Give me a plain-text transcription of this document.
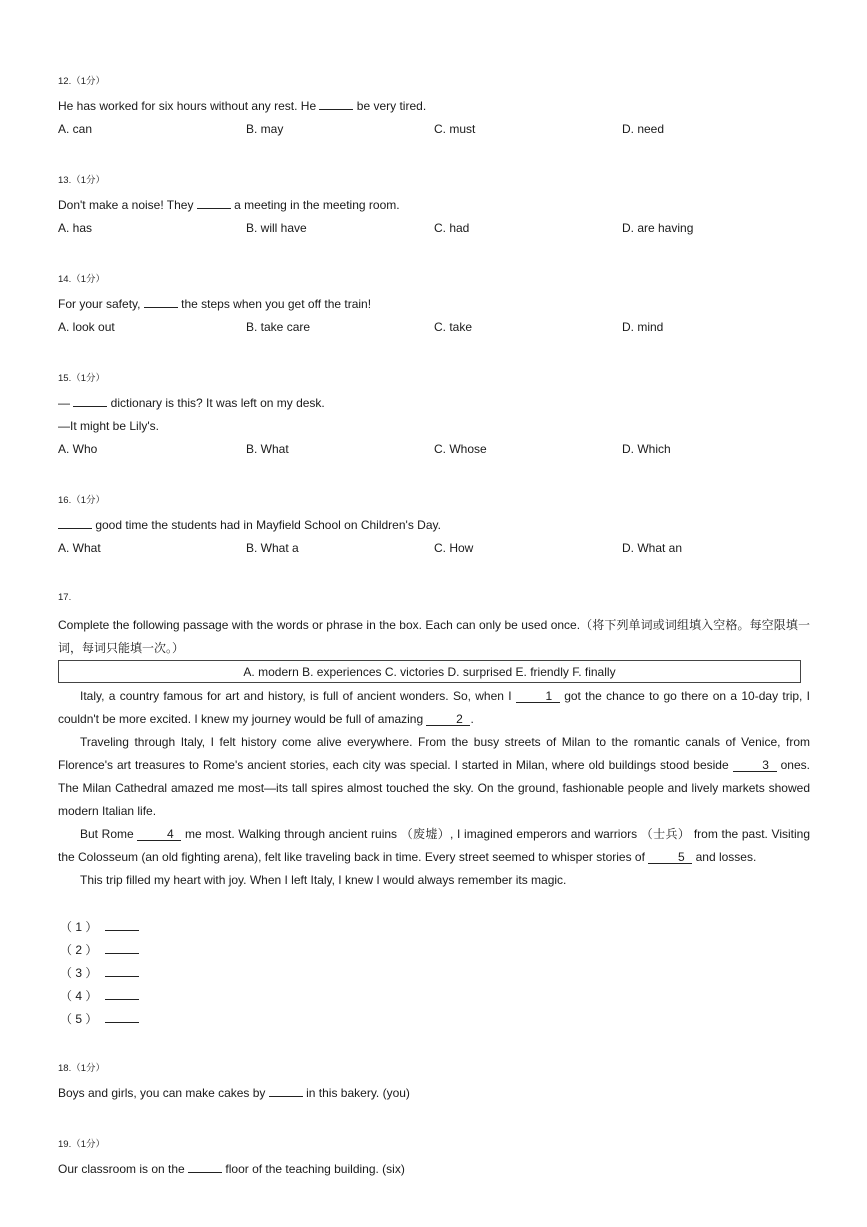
12.（1分）
He has worked for six hours without any rest. He	be very tired.
A. can	B. may	C. must	D. need
13.（1分）
Don't make a noise! They	a meeting in the meeting room.
A. has	B. will have	C. had	D. are having
14.（1分）
For your safety,	the steps when you get off the train!
A. look out	B. take care	C. take	D. mind
15.（1分）
—	dictionary is this? It was left on my desk.
—It might be Lily's.
A. Who	B. What	C. Whose	D. Which
16.（1分）
good time the students had in Mayfield School on Children's Day.
A. What	B. What a	C. How	D. What an
17.
Complete the following passage with the words or phrase in the box. Each can only be used once.（将下列单词或词组填入空格。每空限填一词，每词只能填一次。）
A. modern B. experiences C. victories D. surprised E. friendly F. finally

Italy, a country famous for art and history, is full of ancient wonders. So, when I 1 got the chance to go there on a 10-day trip, I couldn't be more excited. I knew my journey would be full of amazing 2 .

Traveling through Italy, I felt history come alive everywhere. From the busy streets of Milan to the romantic canals of Venice, from Florence's art treasures to Rome's ancient stories, each city was special. I started in Milan, where old buildings stood beside 3 ones. The Milan Cathedral amazed me most—its tall spires almost touched the sky. On the ground, fashionable people and lively markets showed modern Italian life.

But Rome 4 me most. Walking through ancient ruins （废墟）, I imagined emperors and warriors （士兵） from the past. Visiting the Colosseum (an old fighting arena), felt like traveling back in time. Every street seemed to whisper stories of 5 and losses.

This trip filled my heart with joy. When I left Italy, I knew I would always remember its magic.

（ 1 ）
（ 2 ）
（ 3 ）
（ 4 ）
（ 5 ）
18.（1分）
Boys and girls, you can make cakes by	in this bakery. (you)
19.（1分）
Our classroom is on the	floor of the teaching building. (six)
